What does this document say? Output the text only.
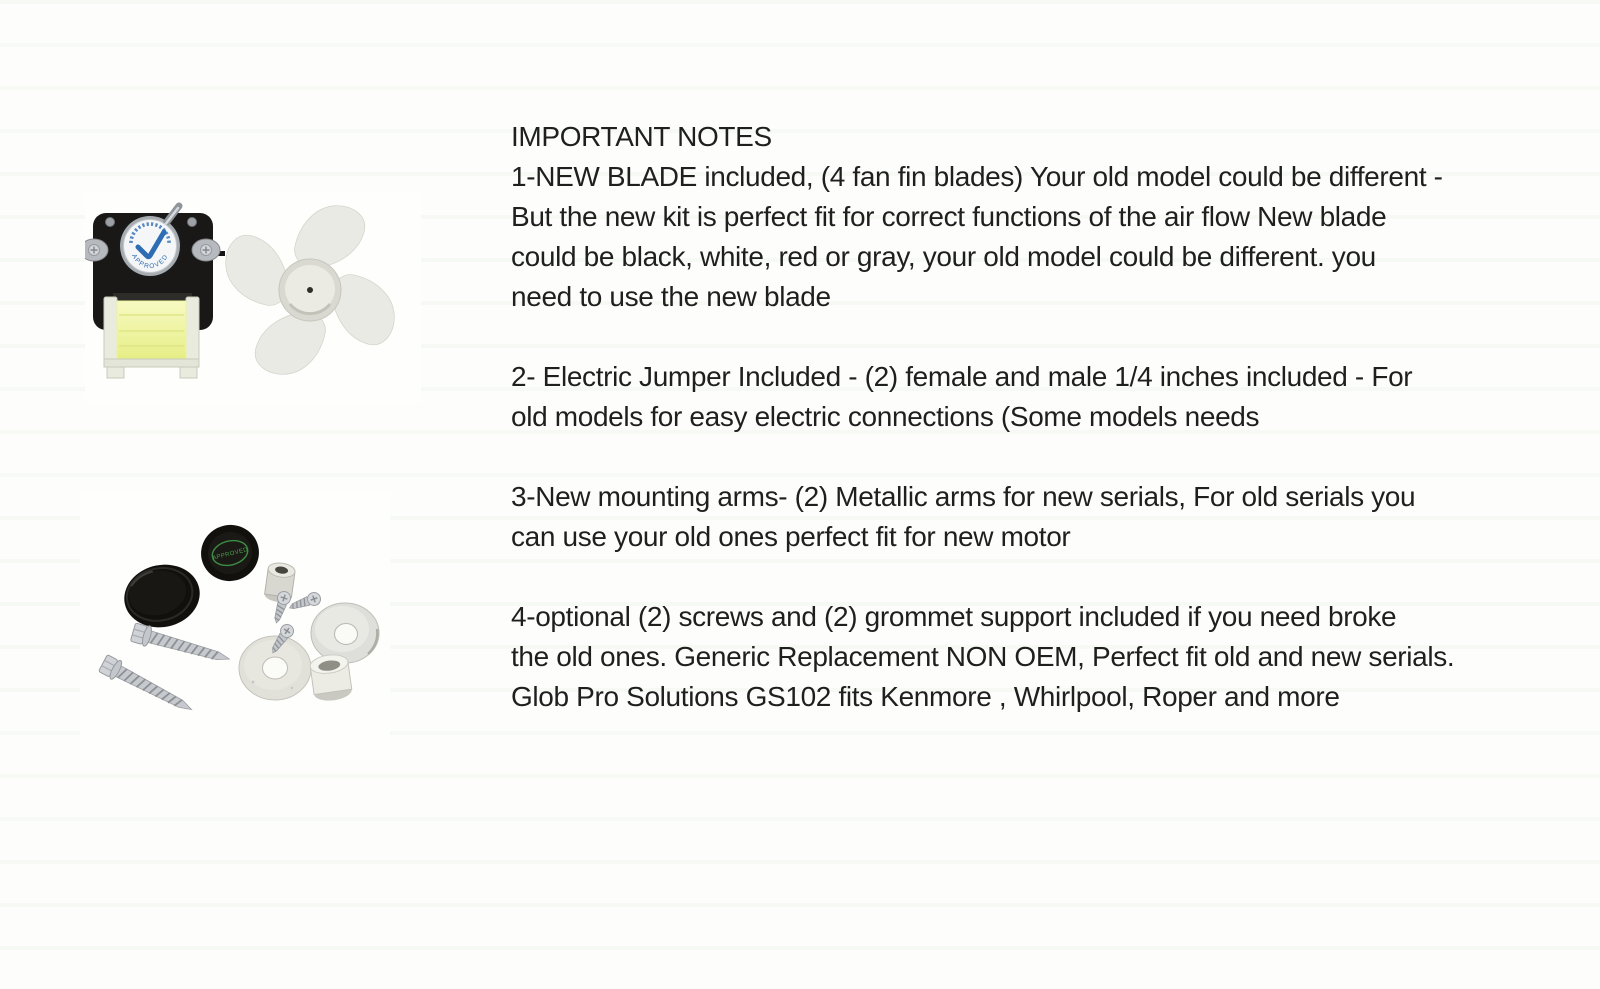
APPROVED
APPROVED
IMPORTANT NOTES
1-NEW BLADE included, (4 fan fin blades) Your old model could be different -
But the new kit is perfect fit for correct functions of the air flow New blade
could be black, white, red or gray, your old model could be different. you
need to use the new blade
2- Electric Jumper Included - (2) female and male 1/4 inches included - For
old models for easy electric connections (Some models needs
3-New mounting arms- (2) Metallic arms for new serials, For old serials you
can use your old ones perfect fit for new motor
4-optional (2) screws and (2) grommet support included if you need broke
the old ones. Generic Replacement NON OEM, Perfect fit old and new serials.
Glob Pro Solutions GS102 fits Kenmore , Whirlpool, Roper and more
